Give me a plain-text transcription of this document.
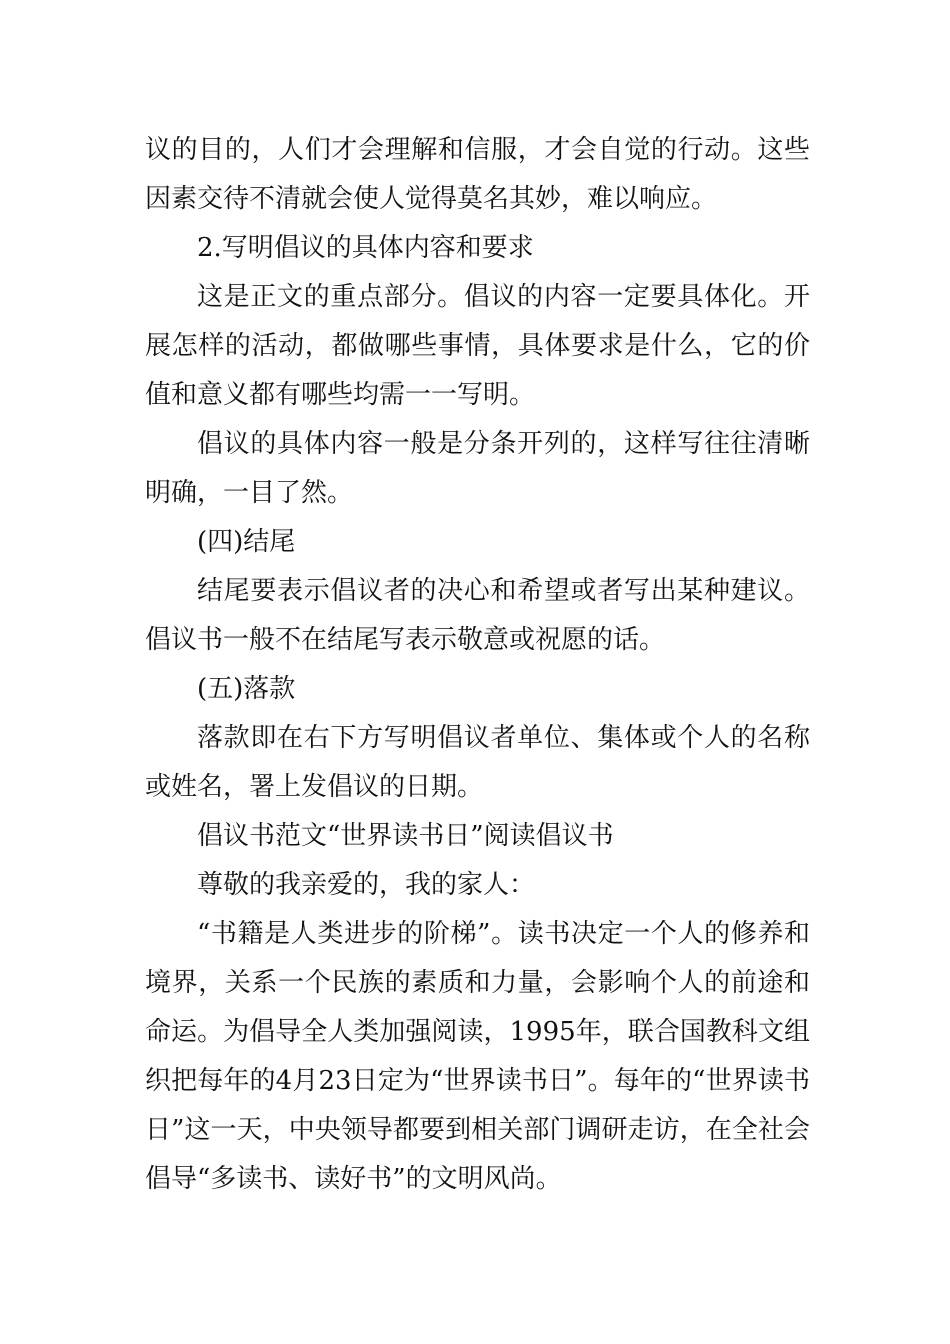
议的目的，人们才会理解和信服，才会自觉的行动。这些因素交待不清就会使人觉得莫名其妙，难以响应。

2.写明倡议的具体内容和要求

这是正文的重点部分。倡议的内容一定要具体化。开展怎样的活动，都做哪些事情，具体要求是什么，它的价值和意义都有哪些均需一一写明。

倡议的具体内容一般是分条开列的，这样写往往清晰明确，一目了然。

(四)结尾

结尾要表示倡议者的决心和希望或者写出某种建议。倡议书一般不在结尾写表示敬意或祝愿的话。

(五)落款

落款即在右下方写明倡议者单位、集体或个人的名称或姓名，署上发倡议的日期。

倡议书范文“世界读书日”阅读倡议书

尊敬的我亲爱的，我的家人：

“书籍是人类进步的阶梯”。读书决定一个人的修养和境界，关系一个民族的素质和力量，会影响个人的前途和命运。为倡导全人类加强阅读，1995年，联合国教科文组织把每年的4月23日定为“世界读书日”。每年的“世界读书日”这一天，中央领导都要到相关部门调研走访，在全社会倡导“多读书、读好书”的文明风尚。
